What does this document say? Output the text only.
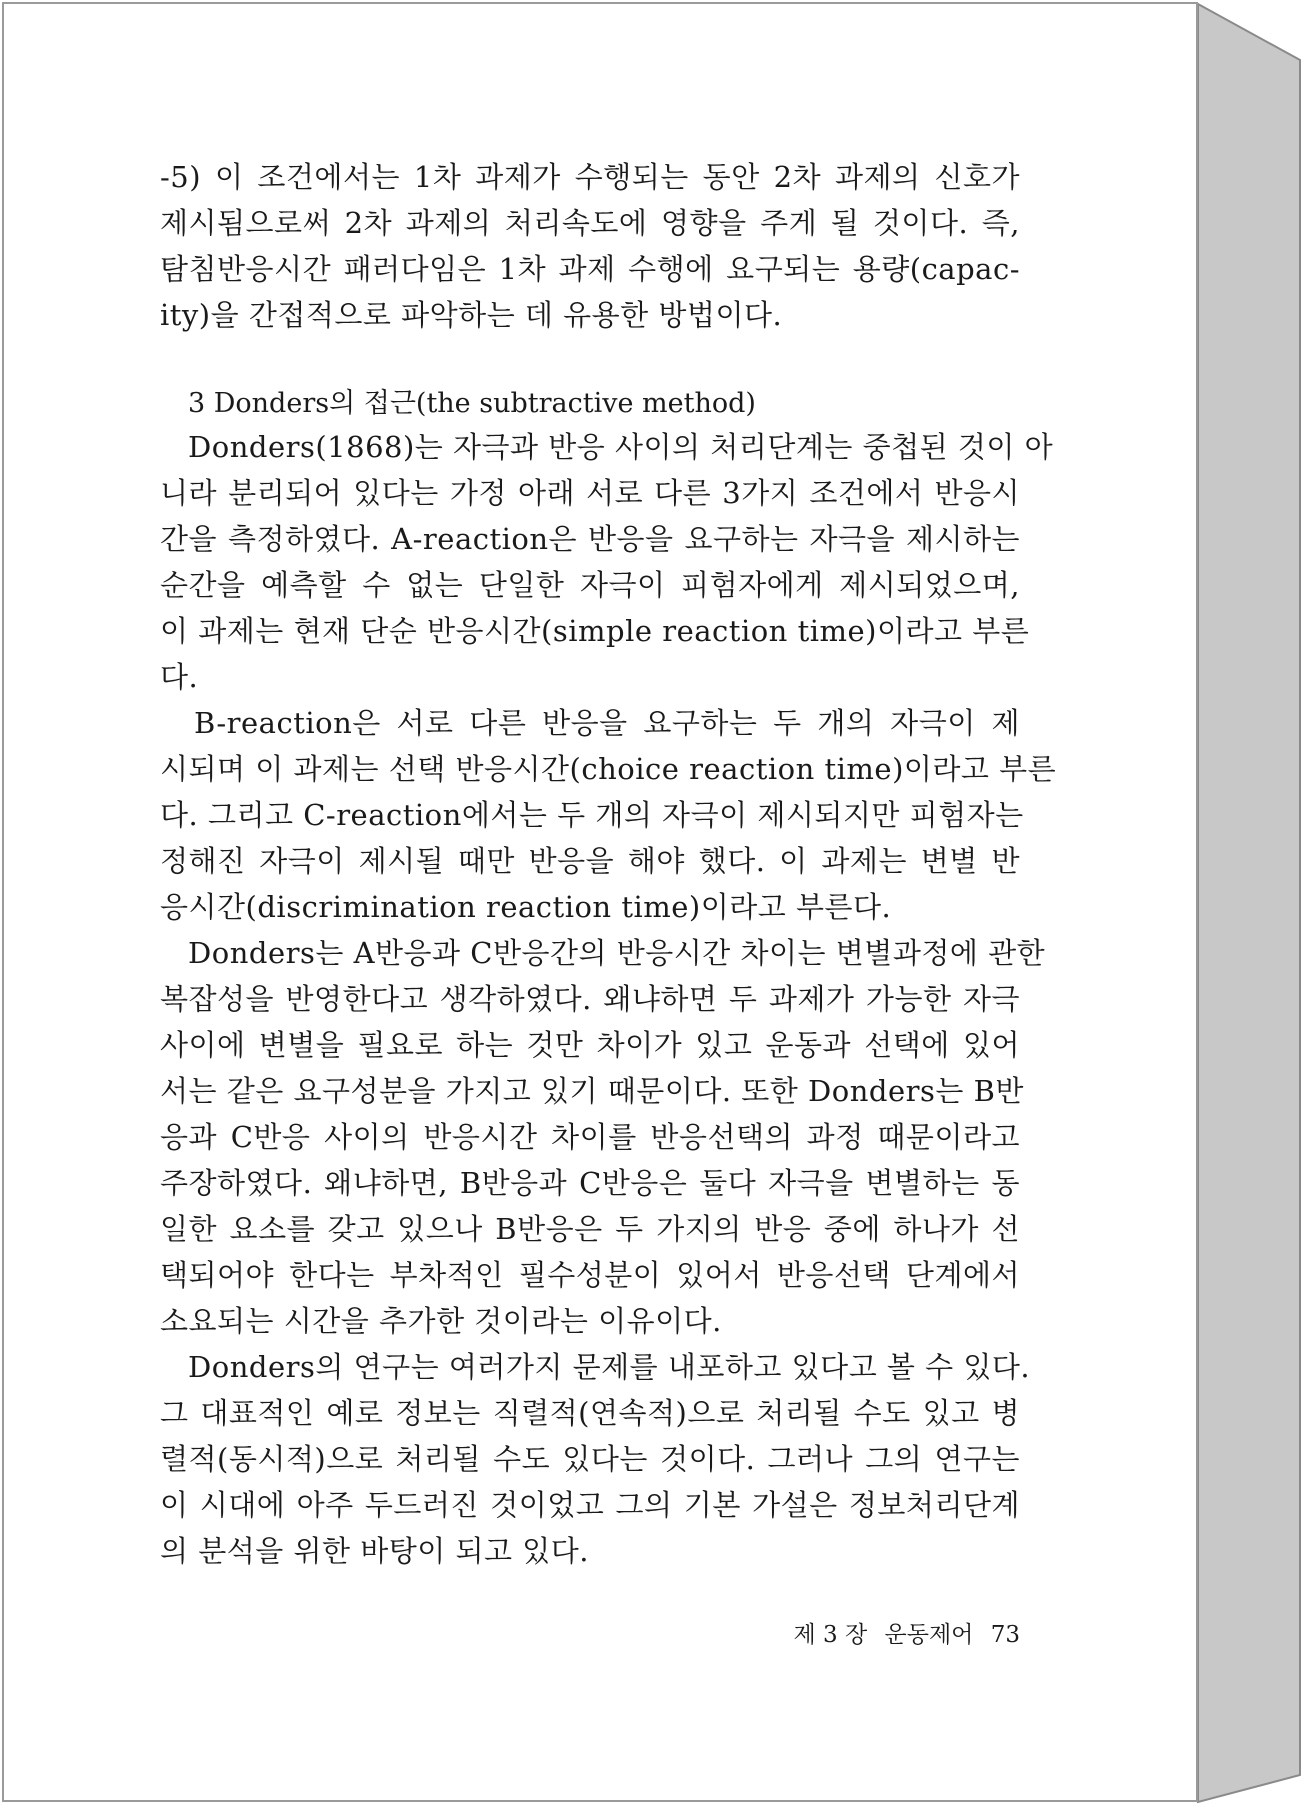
-5) 이 조건에서는 1차 과제가 수행되는 동안 2차 과제의 신호가
제시됨으로써 2차 과제의 처리속도에 영향을 주게 될 것이다. 즉,
탐침반응시간 패러다임은 1차 과제 수행에 요구되는 용량(capac-
ity)을 간접적으로 파악하는 데 유용한 방법이다.
3 Donders의 접근(the subtractive method)
Donders(1868)는 자극과 반응 사이의 처리단계는 중첩된 것이 아
니라 분리되어 있다는 가정 아래 서로 다른 3가지 조건에서 반응시
간을 측정하였다. A-reaction은 반응을 요구하는 자극을 제시하는
순간을 예측할 수 없는 단일한 자극이 피험자에게 제시되었으며,
이 과제는 현재 단순 반응시간(simple reaction time)이라고 부른
다.
B-reaction은 서로 다른 반응을 요구하는 두 개의 자극이 제
시되며 이 과제는 선택 반응시간(choice reaction time)이라고 부른
다. 그리고 C-reaction에서는 두 개의 자극이 제시되지만 피험자는
정해진 자극이 제시될 때만 반응을 해야 했다. 이 과제는 변별 반
응시간(discrimination reaction time)이라고 부른다.
Donders는 A반응과 C반응간의 반응시간 차이는 변별과정에 관한
복잡성을 반영한다고 생각하였다. 왜냐하면 두 과제가 가능한 자극
사이에 변별을 필요로 하는 것만 차이가 있고 운동과 선택에 있어
서는 같은 요구성분을 가지고 있기 때문이다. 또한 Donders는 B반
응과 C반응 사이의 반응시간 차이를 반응선택의 과정 때문이라고
주장하였다. 왜냐하면, B반응과 C반응은 둘다 자극을 변별하는 동
일한 요소를 갖고 있으나 B반응은 두 가지의 반응 중에 하나가 선
택되어야 한다는 부차적인 필수성분이 있어서 반응선택 단계에서
소요되는 시간을 추가한 것이라는 이유이다.
Donders의 연구는 여러가지 문제를 내포하고 있다고 볼 수 있다.
그 대표적인 예로 정보는 직렬적(연속적)으로 처리될 수도 있고 병
렬적(동시적)으로 처리될 수도 있다는 것이다. 그러나 그의 연구는
이 시대에 아주 두드러진 것이었고 그의 기본 가설은 정보처리단계
의 분석을 위한 바탕이 되고 있다.
제 3 장 운동제어 73
